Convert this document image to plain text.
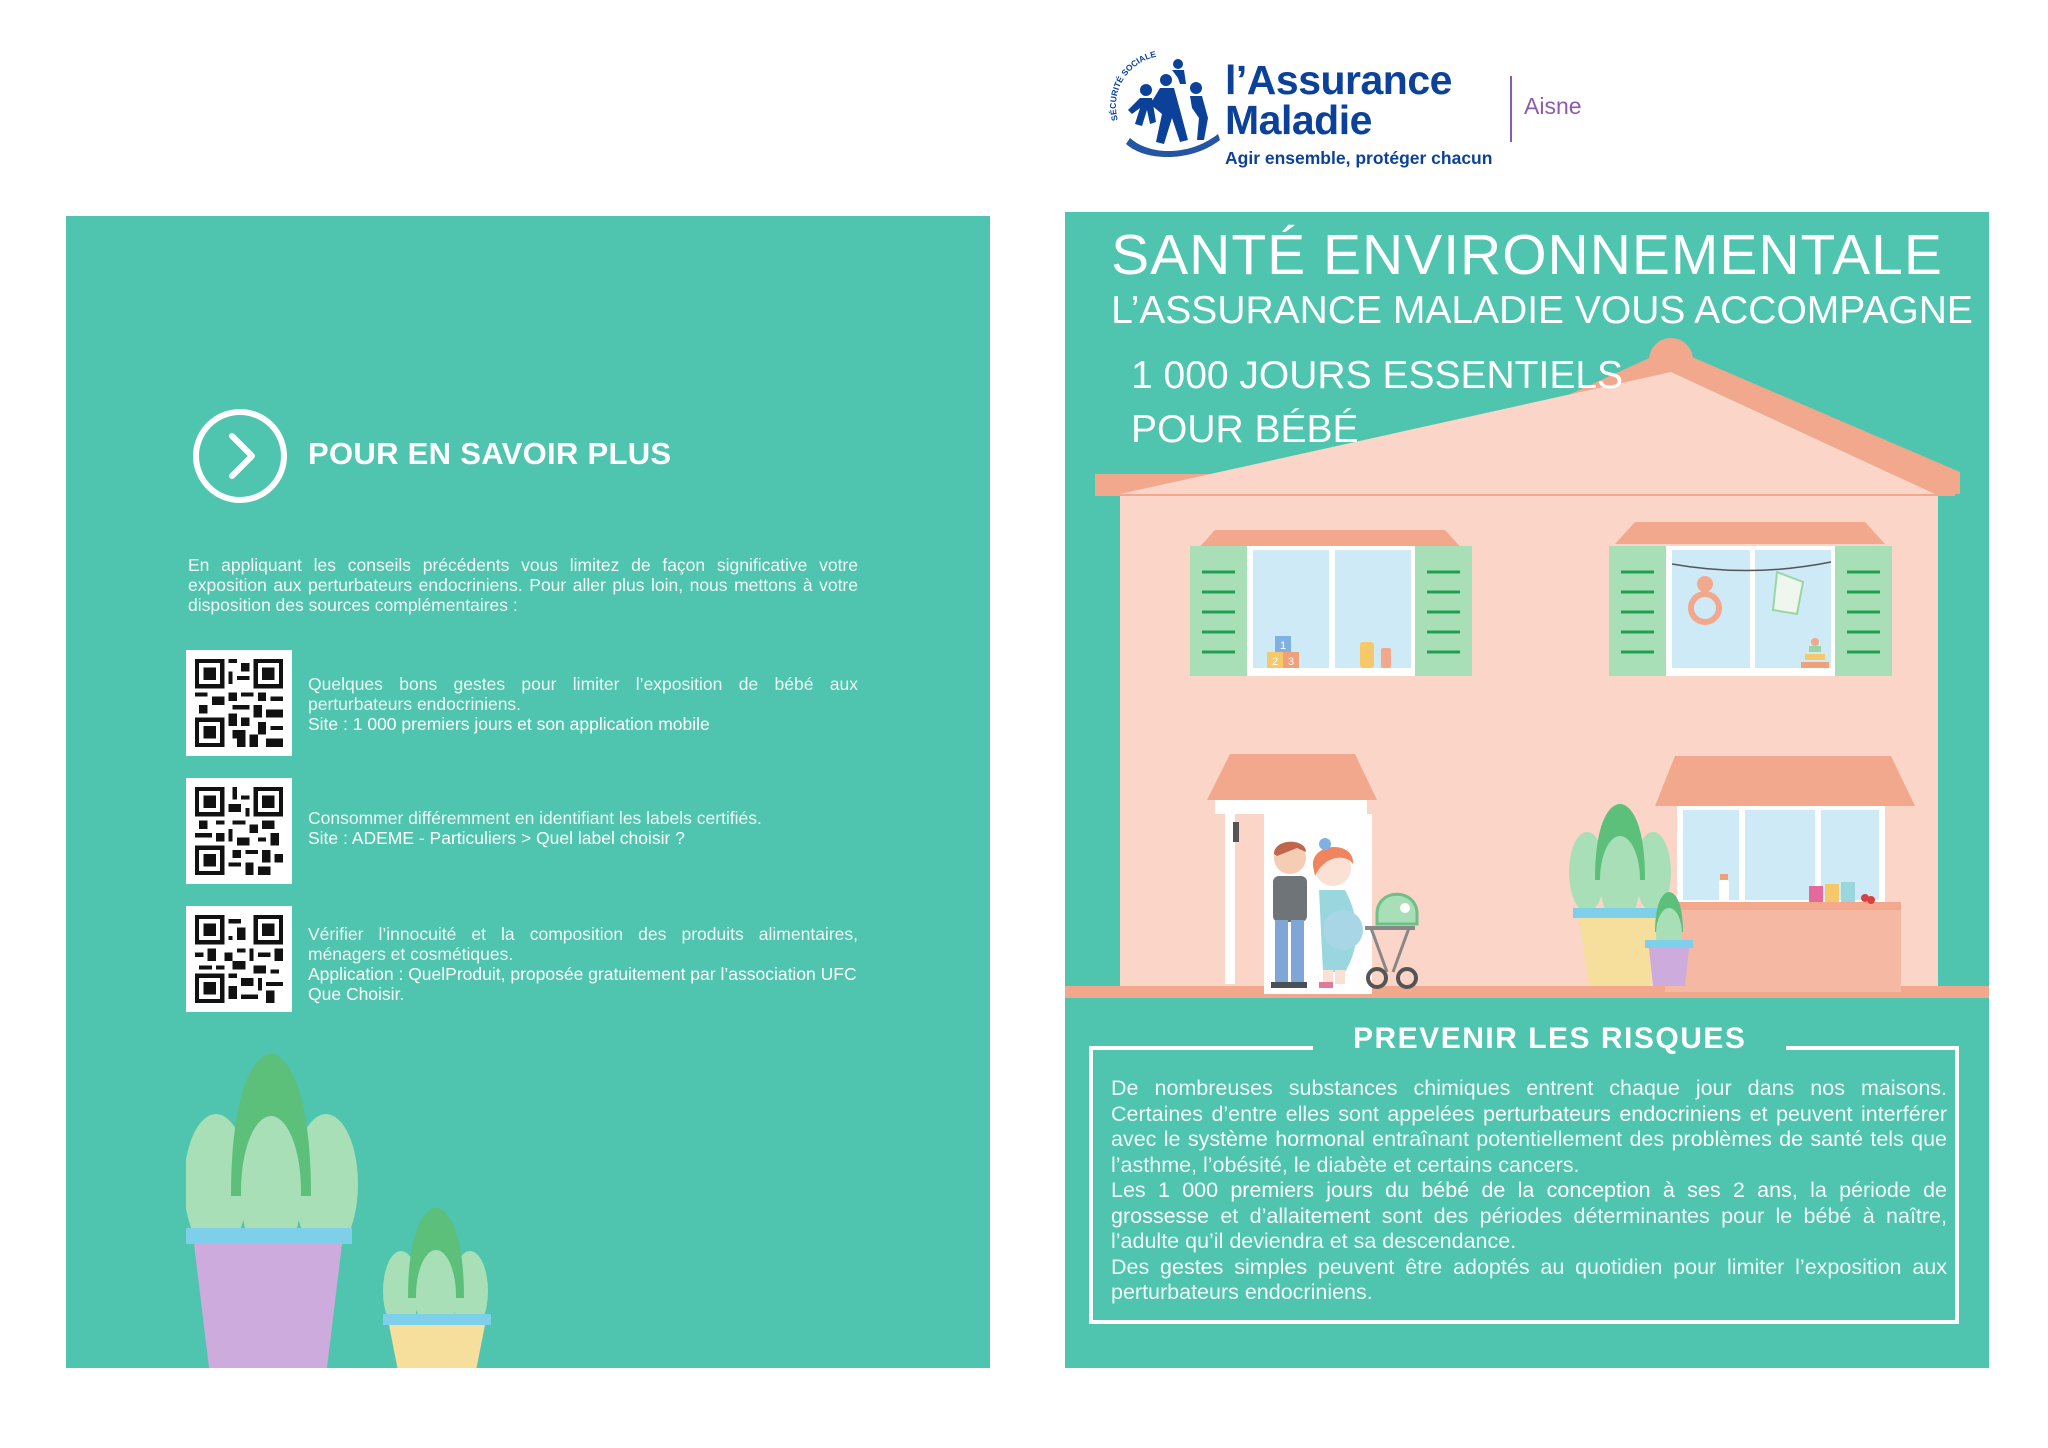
SÉCURITÉ SOCIALE
l’Assurance
Maladie
Agir ensemble, protéger chacun
Aisne
POUR EN SAVOIR PLUS
En appliquant les conseils précédents vous limitez de façon significative votre exposition aux perturbateurs endocriniens. Pour aller plus loin, nous mettons à votre disposition des sources complémentaires :
Quelques bons gestes pour limiter l’exposition de bébé aux perturbateurs endocriniens.
Site : 1 000 premiers jours et son application mobile
Consommer différemment en identifiant les labels certifiés.
Site : ADEME - Particuliers > Quel label choisir ?
Vérifier l’innocuité et la composition des produits alimentaires, ménagers et cosmétiques.
Application : QuelProduit, proposée gratuitement par l’association UFC Que Choisir.
1
2 3
SANTÉ ENVIRONNEMENTALE
L’ASSURANCE MALADIE VOUS ACCOMPAGNE
1 000 JOURS ESSENTIELS
POUR BÉBÉ
PREVENIR LES RISQUES
De nombreuses substances chimiques entrent chaque jour dans nos maisons. Certaines d’entre elles sont appelées perturbateurs endocriniens et peuvent interférer avec le système hormonal entraînant potentiellement des problèmes de santé tels que l’asthme, l’obésité, le diabète et certains cancers.
Les 1 000 premiers jours du bébé de la conception à ses 2 ans, la période de grossesse et d’allaitement sont des périodes déterminantes pour le bébé à naître, l’adulte qu’il deviendra et sa descendance.
Des gestes simples peuvent être adoptés au quotidien pour limiter l’exposition aux perturbateurs endocriniens.
